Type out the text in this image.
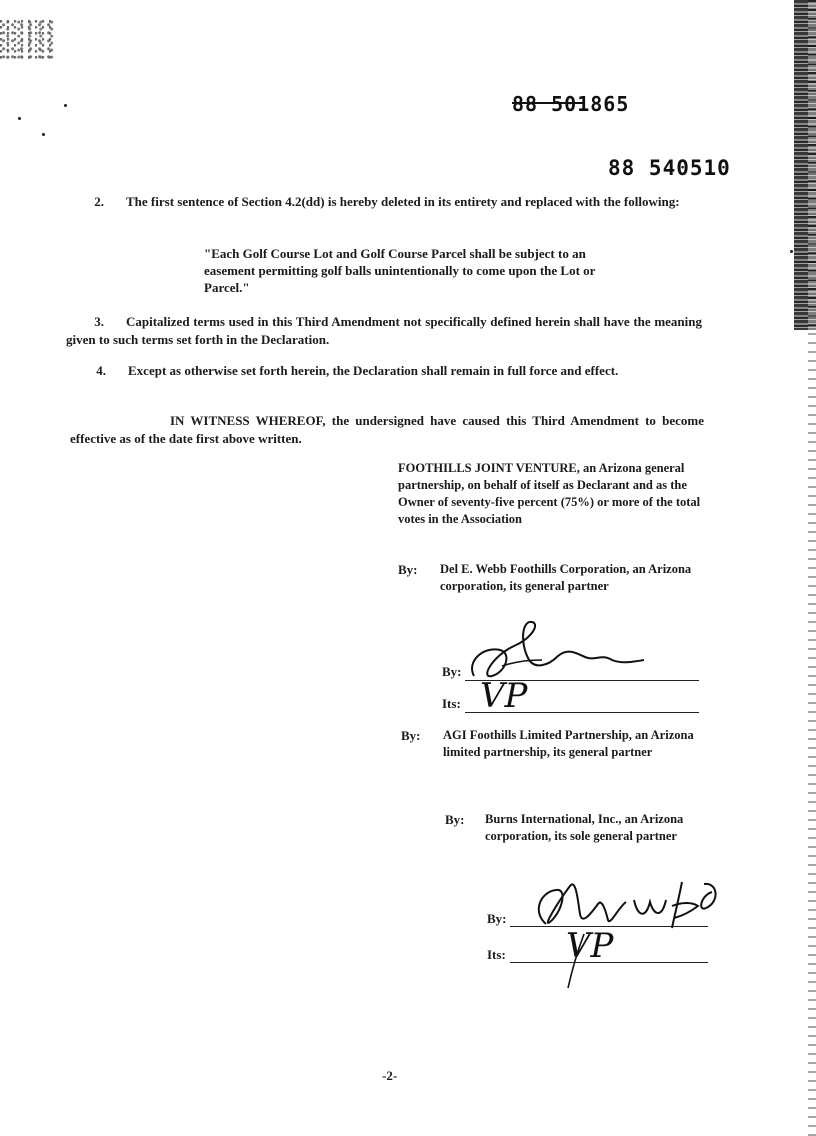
88 501865
88 540510
2. The first sentence of Section 4.2(dd) is hereby deleted in its entirety and replaced with the following:
"Each Golf Course Lot and Golf Course Parcel shall be subject to an easement permitting golf balls unintentionally to come upon the Lot or Parcel."
3. Capitalized terms used in this Third Amendment not specifically defined herein shall have the meaning given to such terms set forth in the Declaration.
4. Except as otherwise set forth herein, the Declaration shall remain in full force and effect.
IN WITNESS WHEREOF, the undersigned have caused this Third Amendment to become effective as of the date first above written.
FOOTHILLS JOINT VENTURE, an Arizona general partnership, on behalf of itself as Declarant and as the Owner of seventy-five percent (75%) or more of the total votes in the Association
By: Del E. Webb Foothills Corporation, an Arizona corporation, its general partner
By:
Its: VP
By: AGI Foothills Limited Partnership, an Arizona limited partnership, its general partner
By: Burns International, Inc., an Arizona corporation, its sole general partner
By:
Its: VP
-2-
